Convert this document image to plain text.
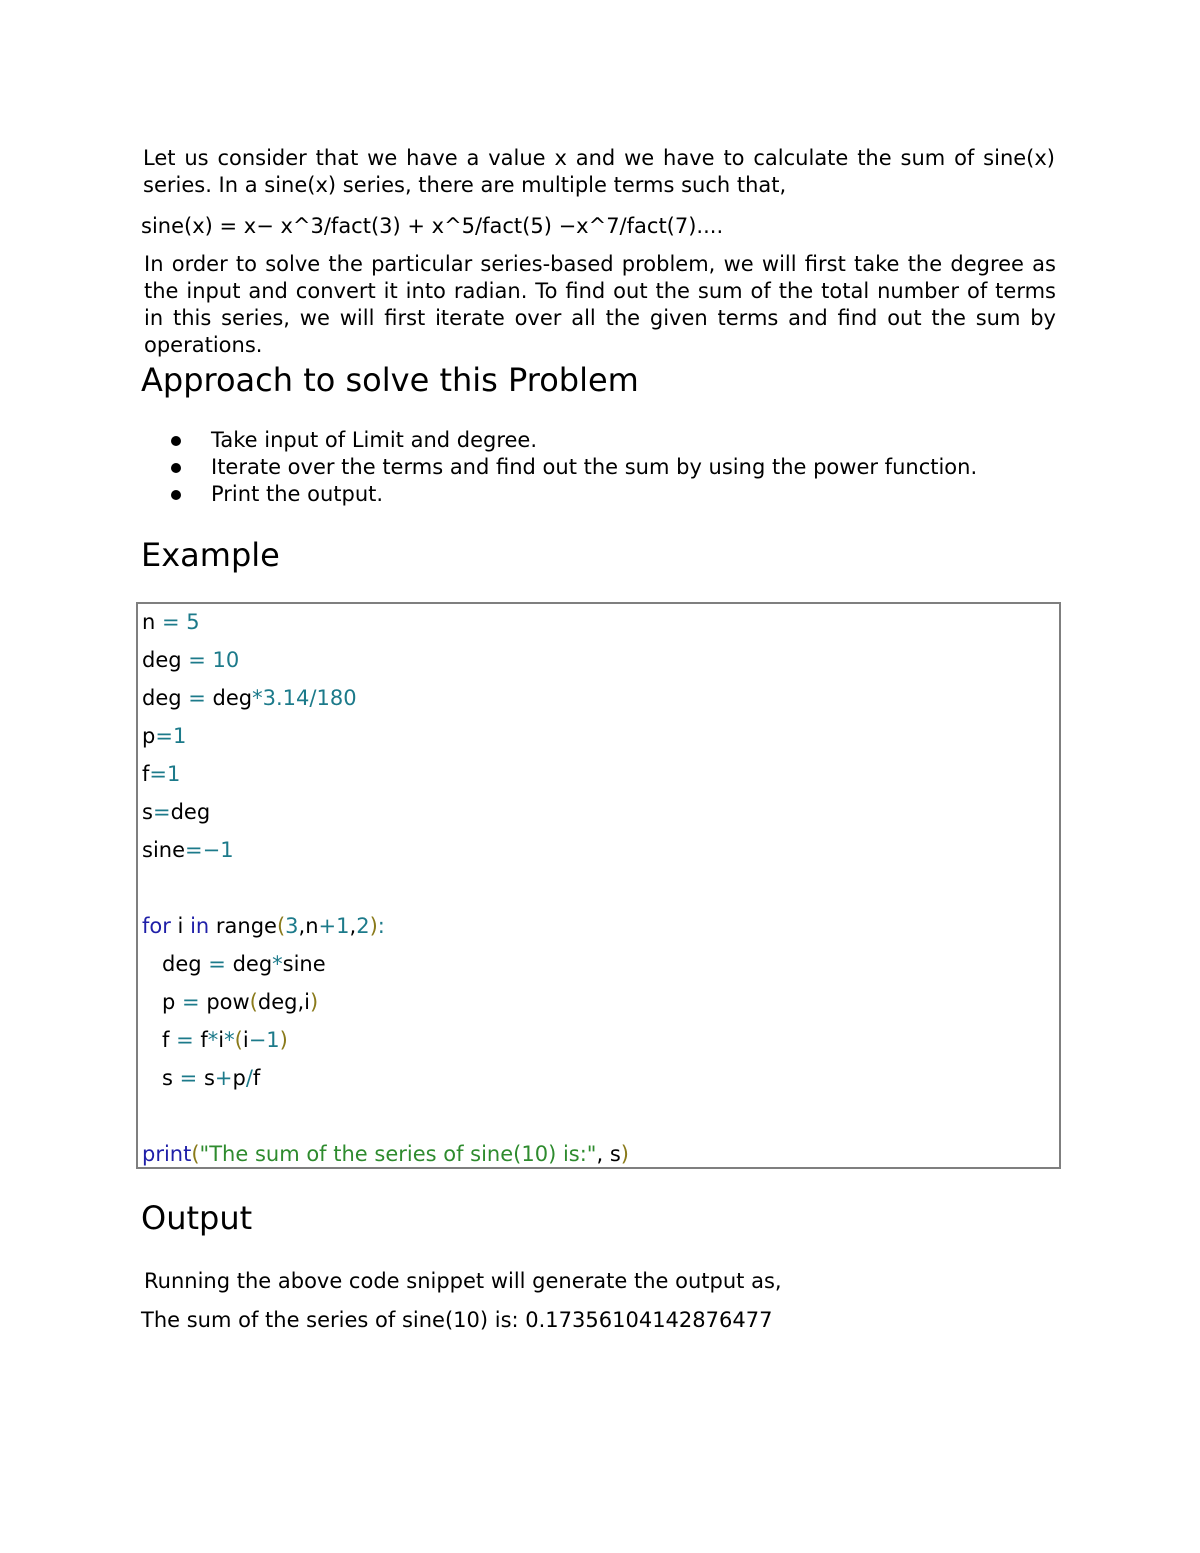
Let us consider that we have a value x and we have to calculate the sum of sine(x) series. In a sine(x) series, there are multiple terms such that,

sine(x) = x− x^3/fact(3) + x^5/fact(5) −x^7/fact(7)....

In order to solve the particular series-based problem, we will first take the degree as the input and convert it into radian. To find out the sum of the total number of terms in this series, we will first iterate over all the given terms and find out the sum by operations.

Approach to solve this Problem
Take input of Limit and degree.
Iterate over the terms and find out the sum by using the power function.
Print the output.
Example
n = 5
deg = 10
deg = deg*3.14/180
p=1
f=1
s=deg
sine=−1
for i in range(3,n+1,2):
deg = deg*sine
p = pow(deg,i)
f = f*i*(i−1)
s = s+p/f
print("The sum of the series of sine(10) is:", s)
Output

Running the above code snippet will generate the output as,

The sum of the series of sine(10) is: 0.17356104142876477
